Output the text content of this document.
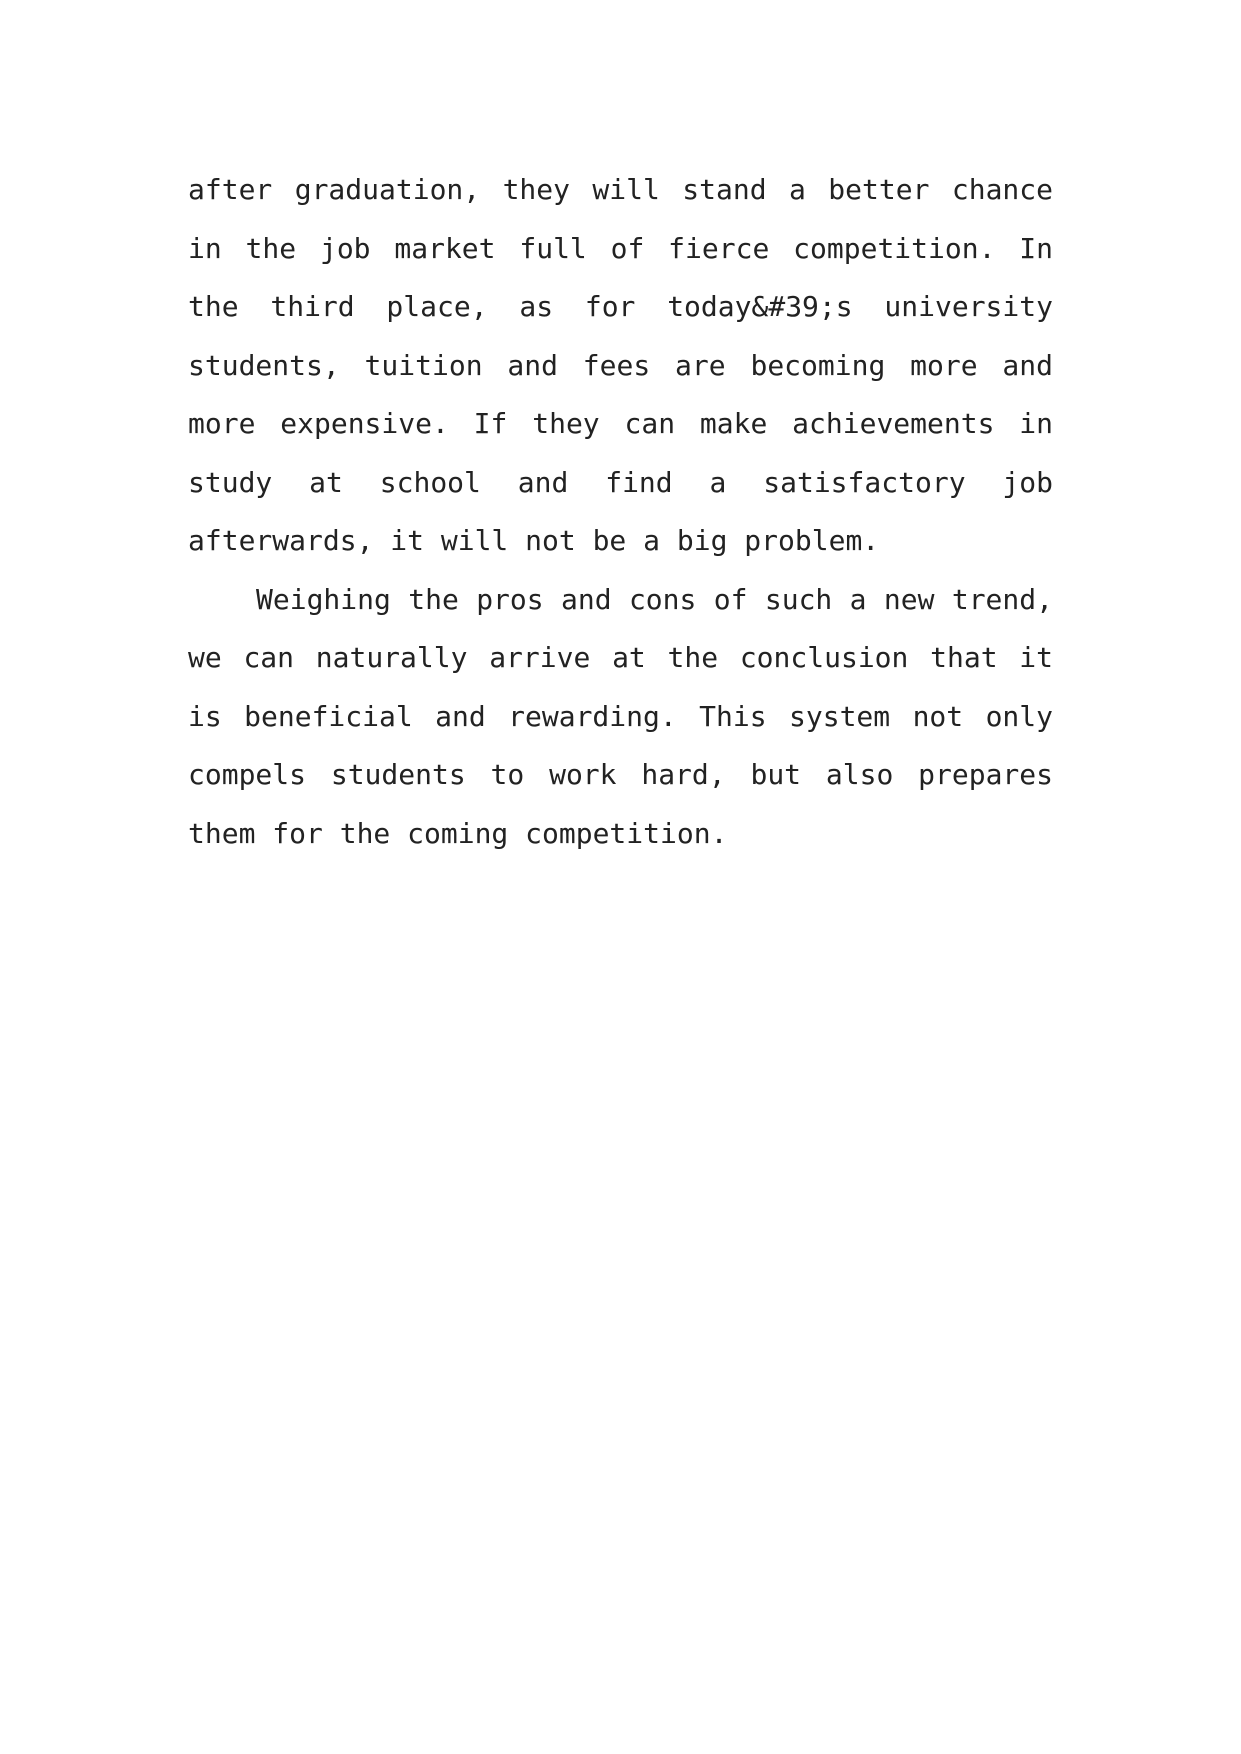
after graduation, they will stand a better chance
in the job market full of fierce competition. In
the third place, as for today&#39;s university
students, tuition and fees are becoming more and
more expensive. If they can make achievements in
study at school and find a satisfactory job
afterwards, it will not be a big problem.
Weighing the pros and cons of such a new trend,
we can naturally arrive at the conclusion that it
is beneficial and rewarding. This system not only
compels students to work hard, but also prepares
them for the coming competition.
